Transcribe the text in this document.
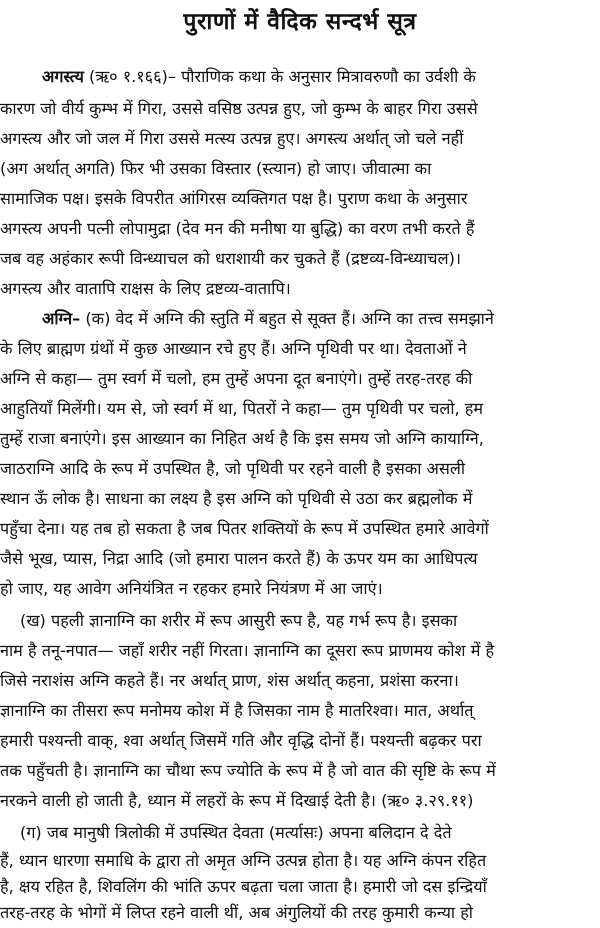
पुराणों में वैदिक सन्दर्भ सूत्र
अगस्त्य (ऋ० १.१६६)– पौराणिक कथा के अनुसार मित्रावरुणौ का उर्वशी के
कारण जो वीर्य कुम्भ में गिरा, उससे वसिष्ठ उत्पन्न हुए, जो कुम्भ के बाहर गिरा उससे
अगस्त्य और जो जल में गिरा उससे मत्स्य उत्पन्न हुए। अगस्त्य अर्थात् जो चले नहीं
(अग अर्थात् अगति) फिर भी उसका विस्तार (स्त्यान) हो जाए। जीवात्मा का
सामाजिक पक्ष। इसके विपरीत आंगिरस व्यक्तिगत पक्ष है। पुराण कथा के अनुसार
अगस्त्य अपनी पत्नी लोपामुद्रा (देव मन की मनीषा या बुद्धि) का वरण तभी करते हैं
जब वह अहंकार रूपी विन्ध्याचल को धराशायी कर चुकते हैं (द्रष्टव्य-विन्ध्याचल)।
अगस्त्य और वातापि राक्षस के लिए द्रष्टव्य-वातापि।
अग्नि– (क) वेद में अग्नि की स्तुति में बहुत से सूक्त हैं। अग्नि का तत्त्व समझाने
के लिए ब्राह्मण ग्रंथों में कुछ आख्यान रचे हुए हैं। अग्नि पृथिवी पर था। देवताओं ने
अग्नि से कहा— तुम स्वर्ग में चलो, हम तुम्हें अपना दूत बनाएंगे। तुम्हें तरह-तरह की
आहुतियाँ मिलेंगी। यम से, जो स्वर्ग में था, पितरों ने कहा— तुम पृथिवी पर चलो, हम
तुम्हें राजा बनाएंगे। इस आख्यान का निहित अर्थ है कि इस समय जो अग्नि कायाग्नि,
जाठराग्नि आदि के रूप में उपस्थित है, जो पृथिवी पर रहने वाली है इसका असली
स्थान ऊँ लोक है। साधना का लक्ष्य है इस अग्नि को पृथिवी से उठा कर ब्रह्मलोक में
पहुँचा देना। यह तब हो सकता है जब पितर शक्तियों के रूप में उपस्थित हमारे आवेगों
जैसे भूख, प्यास, निद्रा आदि (जो हमारा पालन करते हैं) के ऊपर यम का आधिपत्य
हो जाए, यह आवेग अनियंत्रित न रहकर हमारे नियंत्रण में आ जाएं।
(ख) पहली ज्ञानाग्नि का शरीर में रूप आसुरी रूप है, यह गर्भ रूप है। इसका
नाम है तनू-नपात— जहाँ शरीर नहीं गिरता। ज्ञानाग्नि का दूसरा रूप प्राणमय कोश में है
जिसे नराशंस अग्नि कहते हैं। नर अर्थात् प्राण, शंस अर्थात् कहना, प्रशंसा करना।
ज्ञानाग्नि का तीसरा रूप मनोमय कोश में है जिसका नाम है मातरिश्वा। मात, अर्थात्
हमारी पश्यन्ती वाक्, श्वा अर्थात् जिसमें गति और वृद्धि दोनों हैं। पश्यन्ती बढ़कर परा
तक पहुँचती है। ज्ञानाग्नि का चौथा रूप ज्योति के रूप में है जो वात की सृष्टि के रूप में
नरकने वाली हो जाती है, ध्यान में लहरों के रूप में दिखाई देती है। (ऋ० ३.२९.११)
(ग) जब मानुषी त्रिलोकी में उपस्थित देवता (मर्त्यासः) अपना बलिदान दे देते
हैं, ध्यान धारणा समाधि के द्वारा तो अमृत अग्नि उत्पन्न होता है। यह अग्नि कंपन रहित
है, क्षय रहित है, शिवलिंग की भांति ऊपर बढ़ता चला जाता है। हमारी जो दस इन्द्रियाँ
तरह-तरह के भोगों में लिप्त रहने वाली थीं, अब अंगुलियों की तरह कुमारी कन्या हो
